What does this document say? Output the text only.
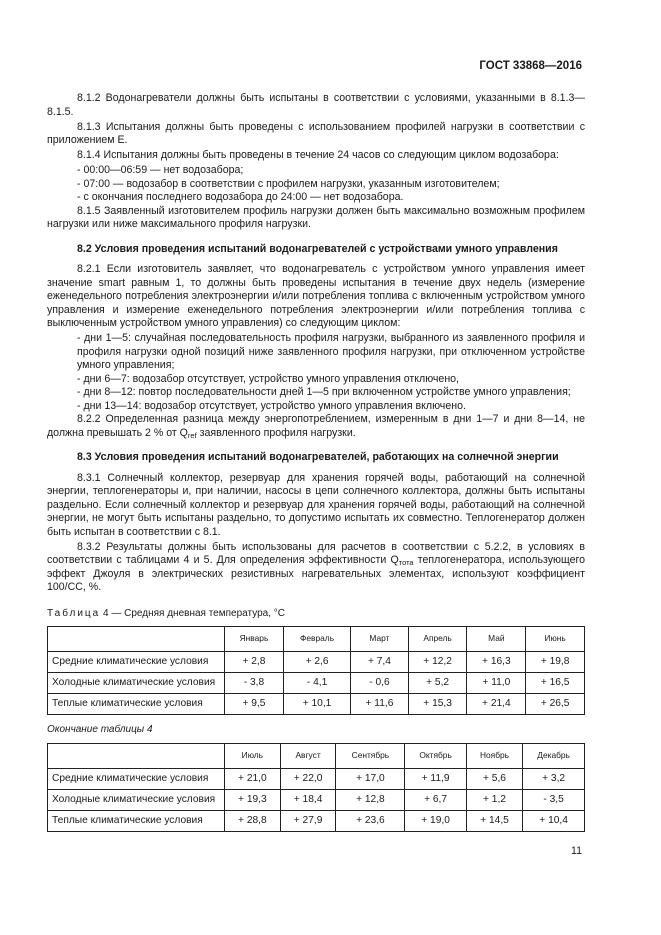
ГОСТ 33868—2016

8.1.2 Водонагреватели должны быть испытаны в соответствии с условиями, указанными в 8.1.3—8.1.5.

8.1.3 Испытания должны быть проведены с использованием профилей нагрузки в соответствии с приложением Е.

8.1.4 Испытания должны быть проведены в течение 24 часов со следующим циклом водозабора:

- 00:00—06:59 — нет водозабора;

- 07:00 — водозабор в соответствии с профилем нагрузки, указанным изготовителем;

- с окончания последнего водозабора до 24:00 — нет водозабора.

8.1.5 Заявленный изготовителем профиль нагрузки должен быть максимально возможным профилем нагрузки или ниже максимального профиля нагрузки.

8.2 Условия проведения испытаний водонагревателей с устройствами умного управления

8.2.1 Если изготовитель заявляет, что водонагреватель с устройством умного управления имеет значение smart равным 1, то должны быть проведены испытания в течение двух недель (измерение еженедельного потребления электроэнергии и/или потребления топлива с включенным устройством умного управления и измерение еженедельного потребления электроэнергии и/или потребления топлива с выключенным устройством умного управления) со следующим циклом:

- дни 1—5: случайная последовательность профиля нагрузки, выбранного из заявленного профиля и профиля нагрузки одной позиций ниже заявленного профиля нагрузки, при отключенном устройстве умного управления;

- дни 6—7: водозабор отсутствует, устройство умного управления отключено,

- дни 8—12: повтор последовательности дней 1—5 при включенном устройстве умного управления;

- дни 13—14: водозабор отсутствует, устройство умного управления включено.

8.2.2 Определенная разница между энергопотреблением, измеренным в дни 1—7 и дни 8—14, не должна превышать 2 % от $Q_{ref}$ заявленного профиля нагрузки.

8.3 Условия проведения испытаний водонагревателей, работающих на солнечной энергии

8.3.1 Солнечный коллектор, резервуар для хранения горячей воды, работающий на солнечной энергии, теплогенераторы и, при наличии, насосы в цепи солнечного коллектора, должны быть испытаны раздельно. Если солнечный коллектор и резервуар для хранения горячей воды, работающий на солнечной энергии, не могут быть испытаны раздельно, то допустимо испытать их совместно. Теплогенератор должен быть испытан в соответствии с 8.1.

8.3.2 Результаты должны быть использованы для расчетов в соответствии с 5.2.2, в условиях в соответствии с таблицами 4 и 5. Для определения эффективности $Q_{тота}$ теплогенератора, использующего эффект Джоуля в электрических резистивных нагревательных элементах, используют коэффициент 100/CC, %.

Таблица 4 — Средняя дневная температура, °С
	Январь	Февраль	Март	Апрель	Май	Июнь
Средние климатические условия	+ 2,8	+ 2,6	+ 7,4	+ 12,2	+ 16,3	+ 19,8
Холодные климатические условия	- 3,8	- 4,1	- 0,6	+ 5,2	+ 11,0	+ 16,5
Теплые климатические условия	+ 9,5	+ 10,1	+ 11,6	+ 15,3	+ 21,4	+ 26,5
Окончание таблицы 4
	Июль	Август	Сентябрь	Октябрь	Ноябрь	Декабрь
Средние климатические условия	+ 21,0	+ 22,0	+ 17,0	+ 11,9	+ 5,6	+ 3,2
Холодные климатические условия	+ 19,3	+ 18,4	+ 12,8	+ 6,7	+ 1,2	- 3,5
Теплые климатические условия	+ 28,8	+ 27,9	+ 23,6	+ 19,0	+ 14,5	+ 10,4
11
